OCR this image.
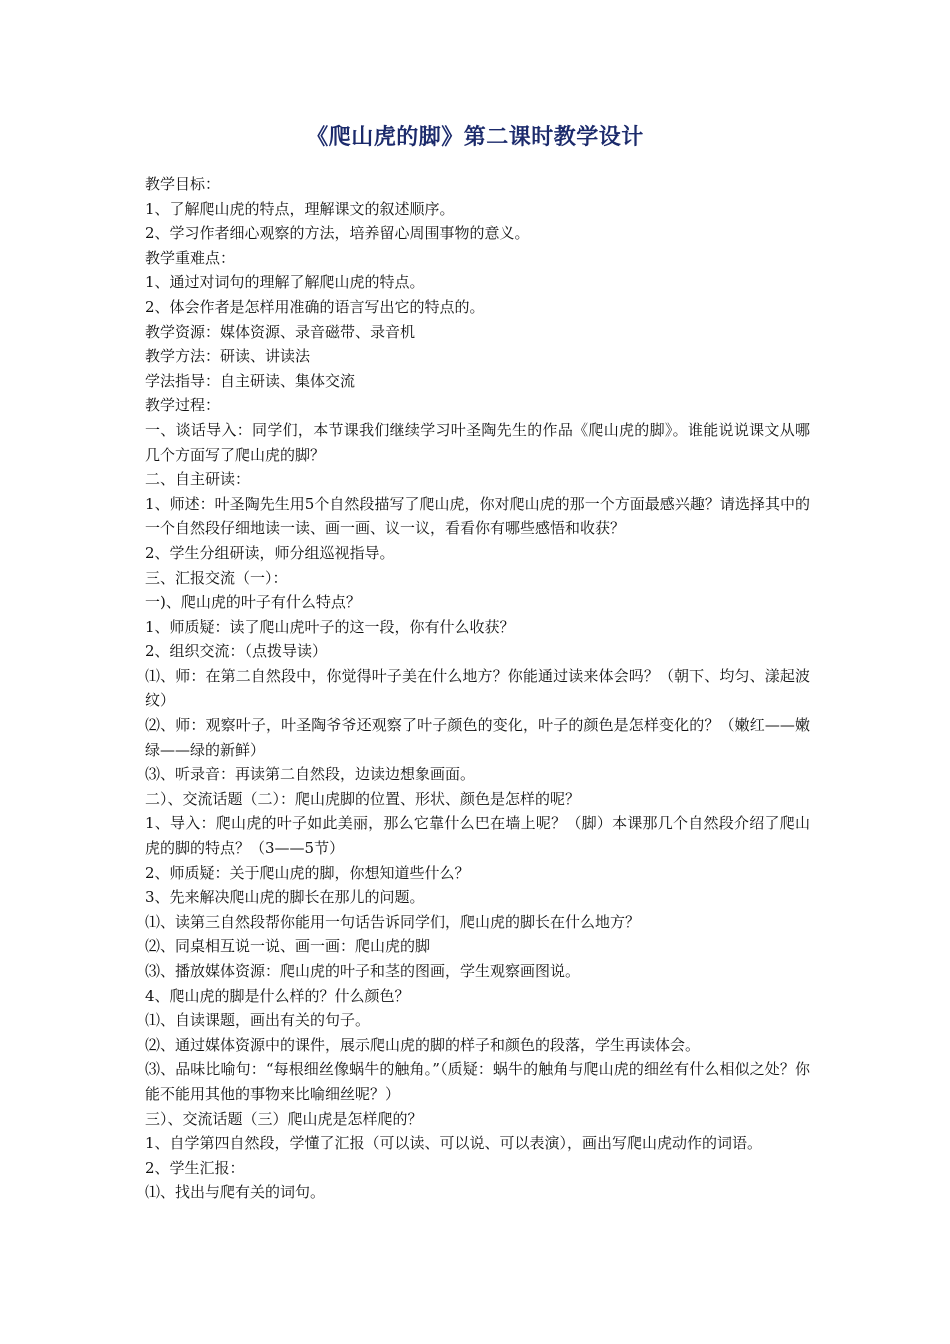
《爬山虎的脚》第二课时教学设计
教学目标：
1、了解爬山虎的特点，理解课文的叙述顺序。
2、学习作者细心观察的方法，培养留心周围事物的意义。
教学重难点：
1、通过对词句的理解了解爬山虎的特点。
2、体会作者是怎样用准确的语言写出它的特点的。
教学资源：媒体资源、录音磁带、录音机
教学方法：研读、讲读法
学法指导：自主研读、集体交流
教学过程：
一、谈话导入：同学们，本节课我们继续学习叶圣陶先生的作品《爬山虎的脚》。谁能说说课文从哪几个方面写了爬山虎的脚？
二、自主研读：
1、师述：叶圣陶先生用5个自然段描写了爬山虎，你对爬山虎的那一个方面最感兴趣？请选择其中的一个自然段仔细地读一读、画一画、议一议，看看你有哪些感悟和收获？
2、学生分组研读，师分组巡视指导。
三、汇报交流（一）：
一)、爬山虎的叶子有什么特点？
1、师质疑：读了爬山虎叶子的这一段，你有什么收获？
2、组织交流：（点拨导读）
⑴、师：在第二自然段中，你觉得叶子美在什么地方？你能通过读来体会吗？（朝下、均匀、漾起波纹）
⑵、师：观察叶子，叶圣陶爷爷还观察了叶子颜色的变化，叶子的颜色是怎样变化的？（嫩红——嫩绿——绿的新鲜）
⑶、听录音：再读第二自然段，边读边想象画面。
二）、交流话题（二）：爬山虎脚的位置、形状、颜色是怎样的呢？
1、导入：爬山虎的叶子如此美丽，那么它靠什么巴在墙上呢？（脚）本课那几个自然段介绍了爬山虎的脚的特点？（3——5节）
2、师质疑：关于爬山虎的脚，你想知道些什么？
3、先来解决爬山虎的脚长在那儿的问题。
⑴、读第三自然段帮你能用一句话告诉同学们，爬山虎的脚长在什么地方？
⑵、同桌相互说一说、画一画：爬山虎的脚
⑶、播放媒体资源：爬山虎的叶子和茎的图画，学生观察画图说。
4、爬山虎的脚是什么样的？什么颜色？
⑴、自读课题，画出有关的句子。
⑵、通过媒体资源中的课件，展示爬山虎的脚的样子和颜色的段落，学生再读体会。
⑶、品味比喻句：“每根细丝像蜗牛的触角。”（质疑：蜗牛的触角与爬山虎的细丝有什么相似之处？你能不能用其他的事物来比喻细丝呢？）
三）、交流话题（三）爬山虎是怎样爬的？
1、自学第四自然段，学懂了汇报（可以读、可以说、可以表演），画出写爬山虎动作的词语。
2、学生汇报：
⑴、找出与爬有关的词句。
